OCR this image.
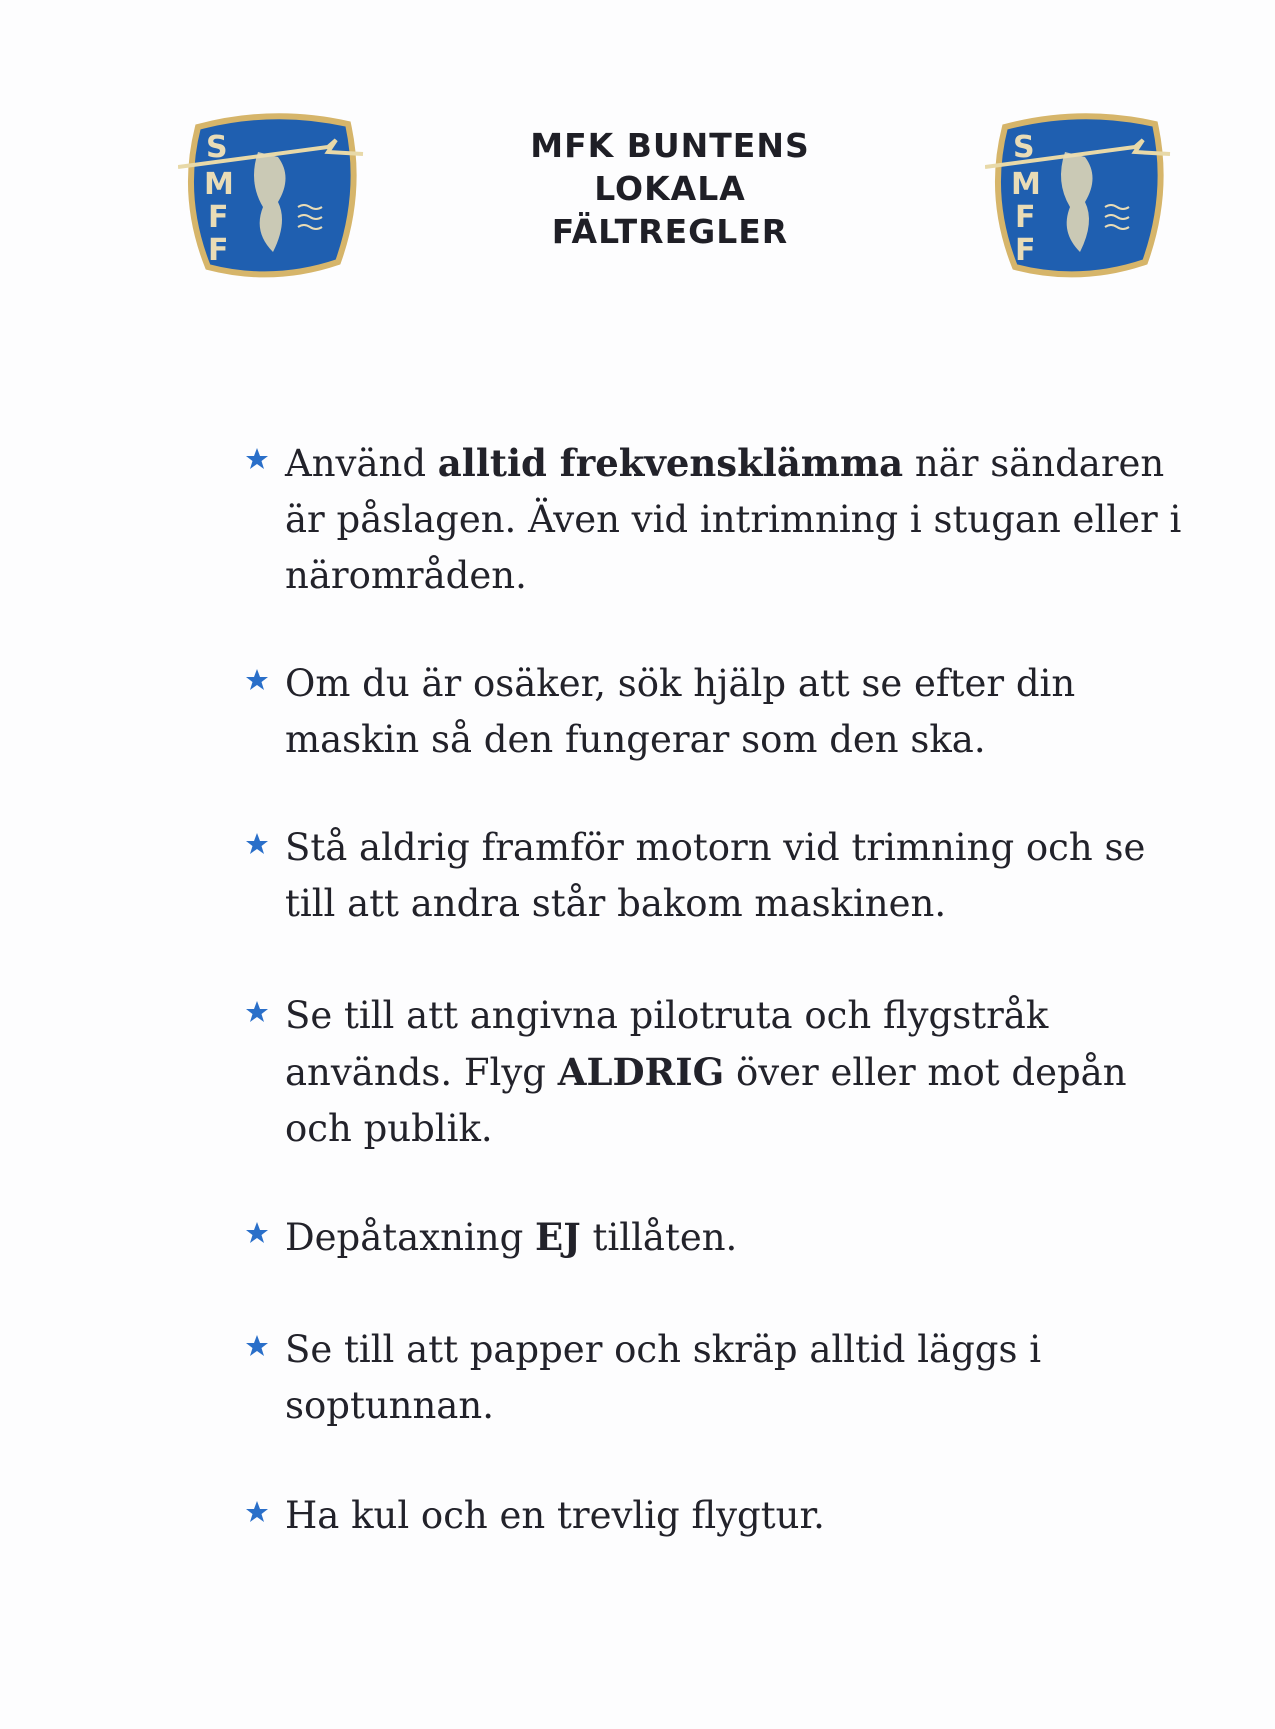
S
M
F
F
MFK BUNTENS
LOKALA
FÄLTREGLER
S
M
F
F
Använd alltid frekvensklämma när sändaren är påslagen. Även vid intrimning i stugan eller i närområden.
Om du är osäker, sök hjälp att se efter din maskin så den fungerar som den ska.
Stå aldrig framför motorn vid trimning och se till att andra står bakom maskinen.
Se till att angivna pilotruta och flygstråk används. Flyg ALDRIG över eller mot depån och publik.
Depåtaxning EJ tillåten.
Se till att papper och skräp alltid läggs i soptunnan.
Ha kul och en trevlig flygtur.
